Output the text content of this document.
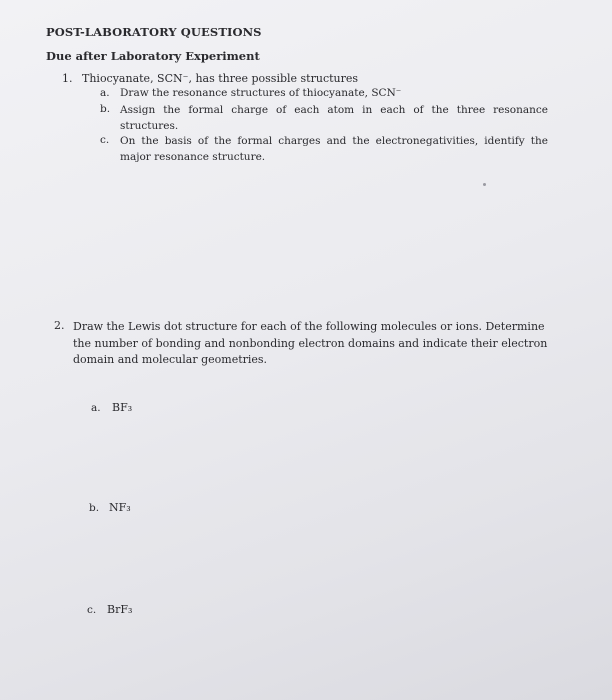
POST-LABORATORY QUESTIONS
Due after Laboratory Experiment
1. Thiocyanate, SCN⁻, has three possible structures
a. Draw the resonance structures of thiocyanate, SCN⁻
b. Assign the formal charge of each atom in each of the three resonance structures.
c. On the basis of the formal charges and the electronegativities, identify the major resonance structure.
2. Draw the Lewis dot structure for each of the following molecules or ions. Determine the number of bonding and nonbonding electron domains and indicate their electron domain and molecular geometries.
a. BF₃
b. NF₃
c. BrF₃
